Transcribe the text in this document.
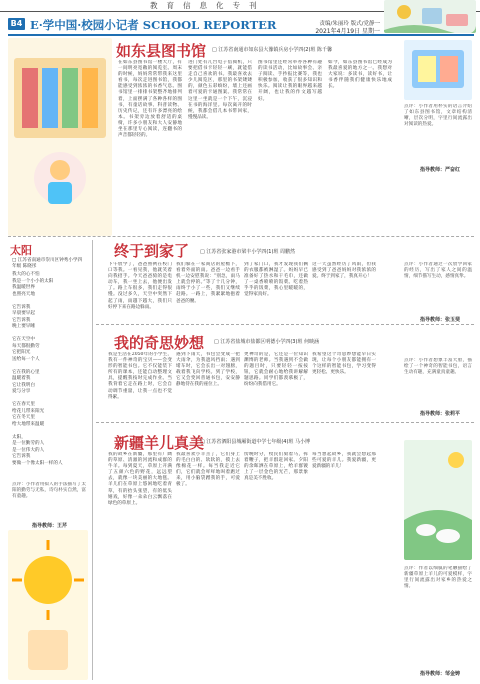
教育信息化专刊
B4 E·学中国·校园小记者 SCHOOL REPORTER	责编/朱丽玲 版式/党静一
2021年4月19日 星期一
如东县图书馆 □ 江苏省南通市如东县大豫镇兵房小学四(2)班 陈千馨
在如东县图书馆一楼大厅，有一间明亮宽敞的阅览室。周末的时候，妈妈常常带我来这里看书，每次走进图书馆，我都能感受到浓浓的书香气息。图书馆里一排排书架整齐地排列着，上面摆满了各种各样的图书，有童话故事、科普读物、历史传记，还有许多漂亮的绘本。书架旁边放着舒适的桌椅，许多小朋友和大人安静地坐在那里专心阅读，连翻书的声音都轻轻的。
进门处有几台电子借阅机，只要把借书卡轻轻一刷，就能借走自己喜欢的书。我最喜欢去少儿阅览区，那里的书架矮矮的，颜色五彩缤纷，墙上还画着可爱的卡通图案。我常常在这里一坐就是一个下午，沉浸在书的海洋里。每次离开的时候，我都会借几本书带回家，慢慢品读。
图书馆里还经常举办各种有趣的读书活动，比如故事会、亲子阅读、手抄报比赛等，我也积极参加，收获了很多知识和快乐。阅读让我的眼界越来越开阔，也让我的作文越写越好。
如今，如东县图书馆已经成为我最喜爱的地方之一。我想对大家说：多读书，读好书，让书香伴随我们健康快乐地成长。
点评：小作者用朴实的语言介绍了如东县图书馆，文章结构清晰，层次分明，字里行间流露出对阅读的热爱。
指导教师：严奋红
太阳
□ 江苏省南通市崇川区钟秀小学四年级 陈晓彤
我大的心不怕
我是一个小小的太阳
我温暖世界
也照亮天地
它告诉我
早晨要早起
它告诉我
晚上要早睡
它在天空中
每天都很勤劳
它把阳光
送给每一个人
它在我的心里
温暖着我
它让我明白
爱与分享
它在春天里
给花儿带来阳光
它在冬天里
给大地带来温暖
太阳，
是一位勤劳的人
是一位伟大的人
它告诉我
要做一个像太阳一样的人
点评：小作者用拟人的手法描写了太阳的勤劳与无私，诗句朴实自然，富有童趣。
指导教师：王芹
终于到家了 □ 江苏省张家港市梁丰小学四(1)班 周鹏然
下午放学了，爸爸照例在校门口等我。一看见我，他就笑着向我招手。今天爸爸骑的是电动车，我一坐上去，他便出发了。路上车很多，我们走得很慢。没过多久，天空中突然下起了雨，雨越下越大，我们只好停下来在路边躲雨。
我们躲在一家商店的屋檐下，看着外面的雨。爸爸一边看手机一边安慰我说：“别急，雨马上就会停的。”等了十几分钟，雨终于小了一些，我们又继续赶路。一路上，我紧紧地抱着爸爸的腰。
到了家门口，我才发现我们俩的衣服都被淋湿了。妈妈早已准备好了热水和干毛巾，还做了一桌香喷喷的饭菜。吃着热乎乎的饭菜，我心里暖暖的，觉得家真好。
这一天虽然经历了风雨，但我感受到了爸爸妈妈对我浓浓的爱。终于到家了，我真开心！
点评：小作者通过一次放学回家的经历，写出了家人之间的温情，细节描写生动，感情真挚。
指导教师：张玉斐
我的奇思妙想 □ 江苏省盐城市盐都区明德小学四(3)班 何映涵
我是生活在2050年的小学生，我有一件神奇的宝贝——会变形的智能书包。它不仅能装下所有的课本，还能自动整理文具，提醒我按时完成作业。当我背着它走在路上时，它会自动调节重量，让我一点也不觉得累。
遇到下雨天，书包会变成一把大雨伞，为我遮风挡雨；遇到堵车时，它会长出一对翅膀，载着我飞向学校。到了学校，它又会变回普通书包，安安静静地待在我的座位上。
更神奇的是，它还是一位知识渊博的老师。当我遇到不会做的题目时，只要轻轻一按按钮，它就会耐心地给我讲解解题思路。同学们都羡慕极了，纷纷向我借用它。
我希望这个奇思妙想能早日实现，让每个小朋友都能拥有一个这样的智能书包，学习变得更轻松、更快乐。
点评：小作者想象丰富大胆，描绘了一个神奇的智能书包，语言生动有趣，充满童真童趣。
指导教师：张莉平
新疆羊儿真美
□ 江苏省泗阳县城厢街道中学七年级(4)班 马小博
我的故乡在新疆，那里有广阔的草原、清澈的河流和成群的牛羊。每到夏天，草原上开满了五颜六色的野花，远远望去，就像一块美丽的大地毯。羊儿们在草原上悠闲地吃着青草，有的抬头张望，有的低头嬉戏，好像一朵朵白云飘落在绿色的草原上。
我最喜欢小羊羔了，它们身上的毛白白的、软软的，摸上去像棉花一样。每当我走近它们，它们就会咩咩地叫着跑过来，用小脑袋蹭我的手，可爱极了。
傍晚时分，牧民们骑着马，挥着鞭子，把羊群赶回家。夕阳的余晖洒在草原上，给羊群镀上了一层金色的光芒，那景象真是美不胜收。
每当想起故乡，我就会想起那些可爱的羊儿。我爱新疆，更爱新疆的羊儿！
点评：作者以细腻的笔触描绘了新疆草原上羊儿的可爱模样，字里行间流露出对家乡的热爱之情。
指导教师：邹金铸
